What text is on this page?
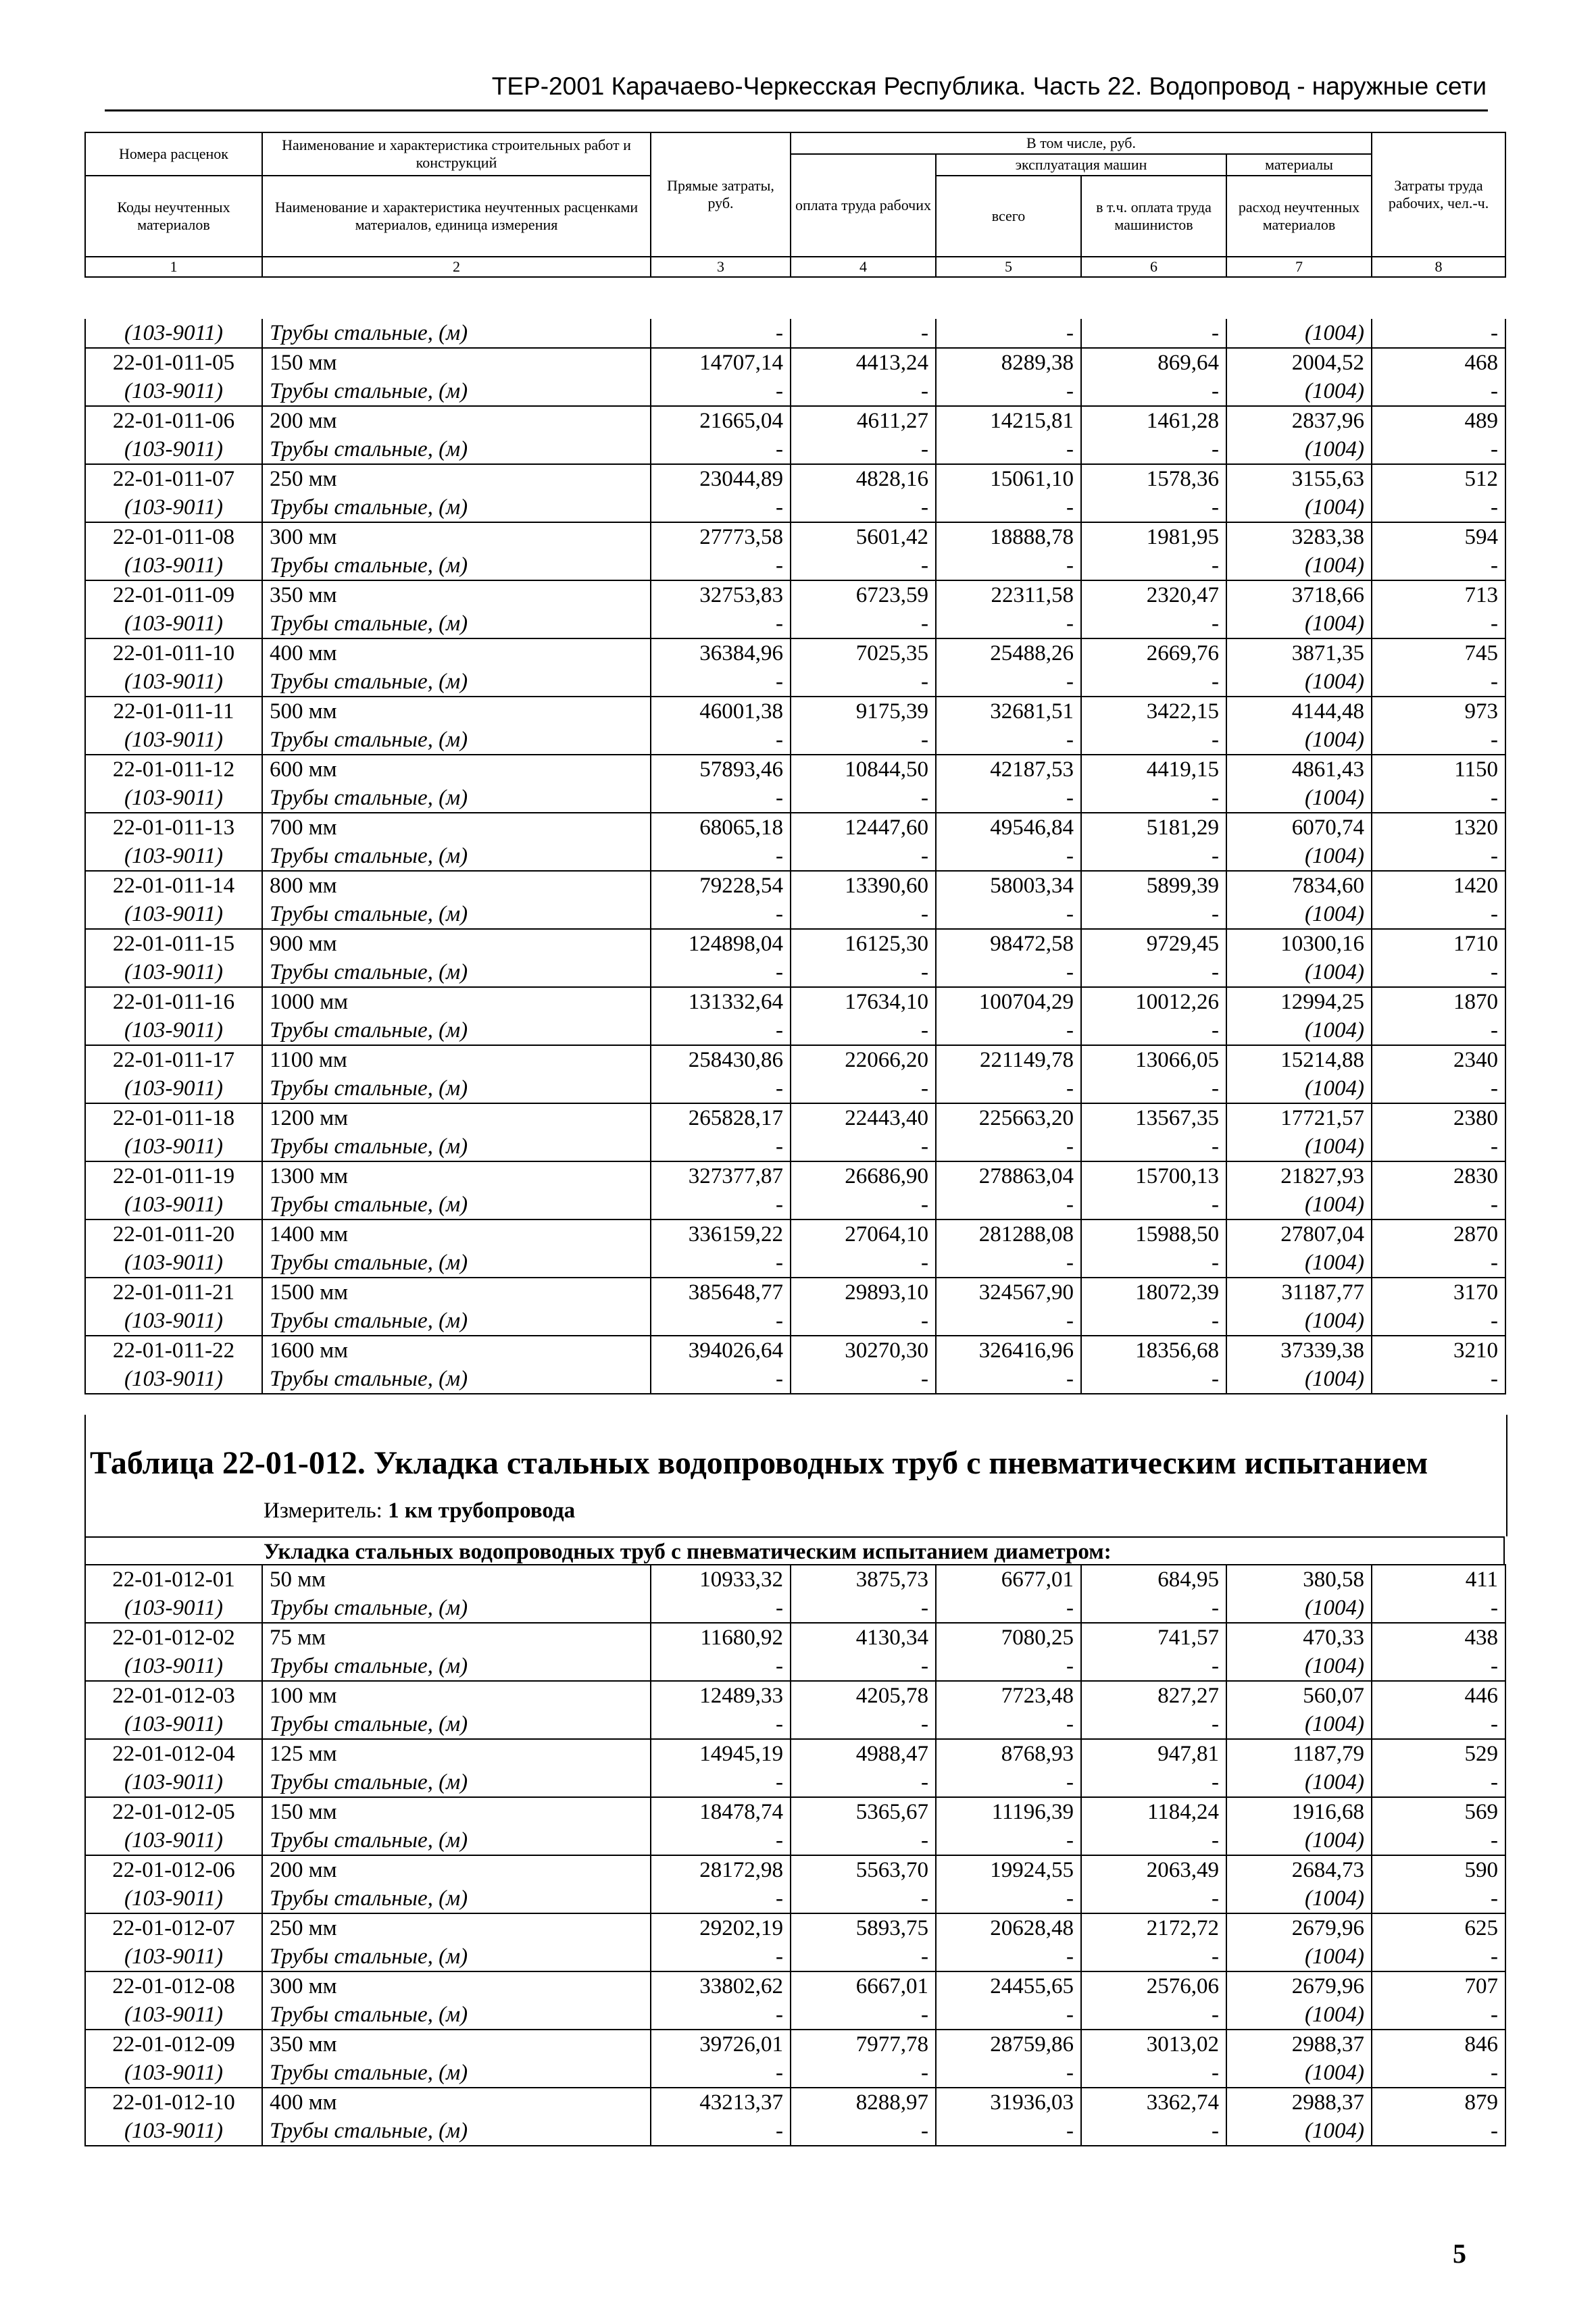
ТЕР-2001 Карачаево-Черкесская Республика. Часть 22. Водопровод - наружные сети
Номера расценок	Наименование и характеристика строительных работ и конструкций	Прямые затраты, руб.	В том числе, руб.				Затраты труда рабочих, чел.-ч.
			оплата труда рабочих	эксплуатация машин		материалы	
Коды неучтенных материалов	Наименование и характеристика неучтенных расценками материалов, единица измерения			всего	в т.ч. оплата труда машинистов	расход неучтенных материалов	

1	2	3	4	5	6	7	8
(103-9011)	Трубы стальные, (м)	-	-	-	-	(1004)	-
22-01-011-05	150 мм	14707,14	4413,24	8289,38	869,64	2004,52	468
(103-9011)	Трубы стальные, (м)	-	-	-	-	(1004)	-
22-01-011-06	200 мм	21665,04	4611,27	14215,81	1461,28	2837,96	489
(103-9011)	Трубы стальные, (м)	-	-	-	-	(1004)	-
22-01-011-07	250 мм	23044,89	4828,16	15061,10	1578,36	3155,63	512
(103-9011)	Трубы стальные, (м)	-	-	-	-	(1004)	-
22-01-011-08	300 мм	27773,58	5601,42	18888,78	1981,95	3283,38	594
(103-9011)	Трубы стальные, (м)	-	-	-	-	(1004)	-
22-01-011-09	350 мм	32753,83	6723,59	22311,58	2320,47	3718,66	713
(103-9011)	Трубы стальные, (м)	-	-	-	-	(1004)	-
22-01-011-10	400 мм	36384,96	7025,35	25488,26	2669,76	3871,35	745
(103-9011)	Трубы стальные, (м)	-	-	-	-	(1004)	-
22-01-011-11	500 мм	46001,38	9175,39	32681,51	3422,15	4144,48	973
(103-9011)	Трубы стальные, (м)	-	-	-	-	(1004)	-
22-01-011-12	600 мм	57893,46	10844,50	42187,53	4419,15	4861,43	1150
(103-9011)	Трубы стальные, (м)	-	-	-	-	(1004)	-
22-01-011-13	700 мм	68065,18	12447,60	49546,84	5181,29	6070,74	1320
(103-9011)	Трубы стальные, (м)	-	-	-	-	(1004)	-
22-01-011-14	800 мм	79228,54	13390,60	58003,34	5899,39	7834,60	1420
(103-9011)	Трубы стальные, (м)	-	-	-	-	(1004)	-
22-01-011-15	900 мм	124898,04	16125,30	98472,58	9729,45	10300,16	1710
(103-9011)	Трубы стальные, (м)	-	-	-	-	(1004)	-
22-01-011-16	1000 мм	131332,64	17634,10	100704,29	10012,26	12994,25	1870
(103-9011)	Трубы стальные, (м)	-	-	-	-	(1004)	-
22-01-011-17	1100 мм	258430,86	22066,20	221149,78	13066,05	15214,88	2340
(103-9011)	Трубы стальные, (м)	-	-	-	-	(1004)	-
22-01-011-18	1200 мм	265828,17	22443,40	225663,20	13567,35	17721,57	2380
(103-9011)	Трубы стальные, (м)	-	-	-	-	(1004)	-
22-01-011-19	1300 мм	327377,87	26686,90	278863,04	15700,13	21827,93	2830
(103-9011)	Трубы стальные, (м)	-	-	-	-	(1004)	-
22-01-011-20	1400 мм	336159,22	27064,10	281288,08	15988,50	27807,04	2870
(103-9011)	Трубы стальные, (м)	-	-	-	-	(1004)	-
22-01-011-21	1500 мм	385648,77	29893,10	324567,90	18072,39	31187,77	3170
(103-9011)	Трубы стальные, (м)	-	-	-	-	(1004)	-
22-01-011-22	1600 мм	394026,64	30270,30	326416,96	18356,68	37339,38	3210
(103-9011)	Трубы стальные, (м)	-	-	-	-	(1004)	-
Таблица 22-01-012. Укладка стальных водопроводных труб с пневматическим испытанием
Измеритель: 1 км трубопровода
Укладка стальных водопроводных труб с пневматическим испытанием диаметром:
22-01-012-01	50 мм	10933,32	3875,73	6677,01	684,95	380,58	411
(103-9011)	Трубы стальные, (м)	-	-	-	-	(1004)	-
22-01-012-02	75 мм	11680,92	4130,34	7080,25	741,57	470,33	438
(103-9011)	Трубы стальные, (м)	-	-	-	-	(1004)	-
22-01-012-03	100 мм	12489,33	4205,78	7723,48	827,27	560,07	446
(103-9011)	Трубы стальные, (м)	-	-	-	-	(1004)	-
22-01-012-04	125 мм	14945,19	4988,47	8768,93	947,81	1187,79	529
(103-9011)	Трубы стальные, (м)	-	-	-	-	(1004)	-
22-01-012-05	150 мм	18478,74	5365,67	11196,39	1184,24	1916,68	569
(103-9011)	Трубы стальные, (м)	-	-	-	-	(1004)	-
22-01-012-06	200 мм	28172,98	5563,70	19924,55	2063,49	2684,73	590
(103-9011)	Трубы стальные, (м)	-	-	-	-	(1004)	-
22-01-012-07	250 мм	29202,19	5893,75	20628,48	2172,72	2679,96	625
(103-9011)	Трубы стальные, (м)	-	-	-	-	(1004)	-
22-01-012-08	300 мм	33802,62	6667,01	24455,65	2576,06	2679,96	707
(103-9011)	Трубы стальные, (м)	-	-	-	-	(1004)	-
22-01-012-09	350 мм	39726,01	7977,78	28759,86	3013,02	2988,37	846
(103-9011)	Трубы стальные, (м)	-	-	-	-	(1004)	-
22-01-012-10	400 мм	43213,37	8288,97	31936,03	3362,74	2988,37	879
(103-9011)	Трубы стальные, (м)	-	-	-	-	(1004)	-
5
